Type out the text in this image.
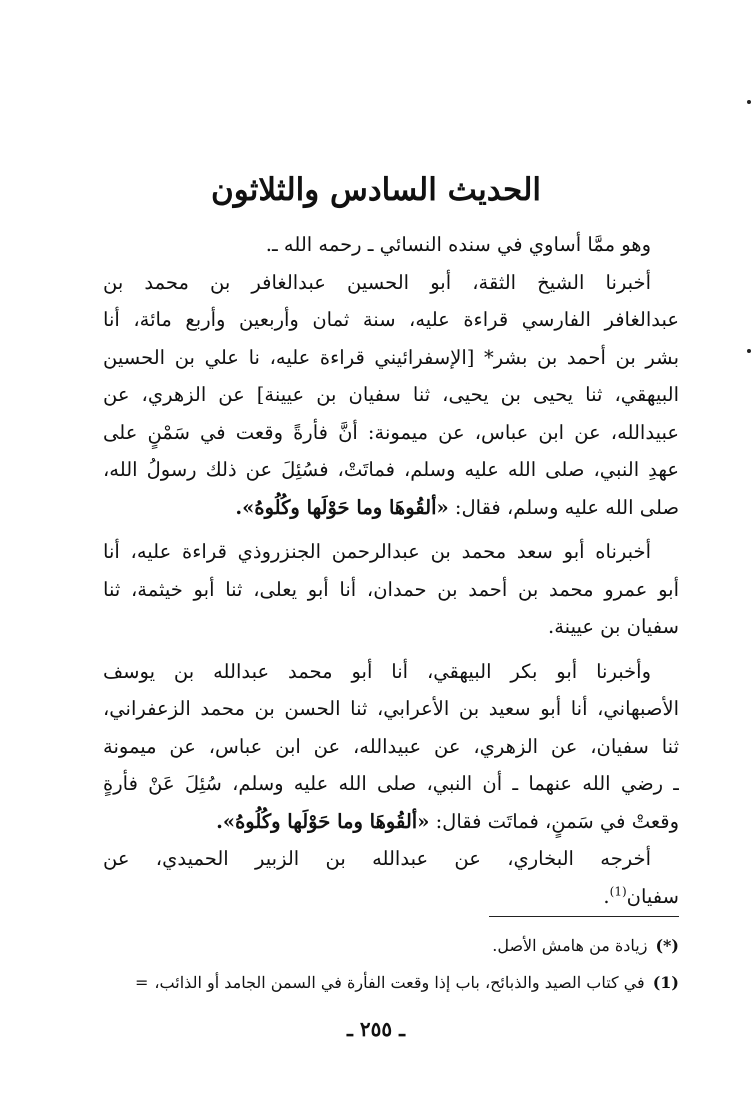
الحديث السادس والثلاثون
وهو ممَّا أساوي في سنده النسائي ـ رحمه الله ـ.
أخبرنا الشيخ الثقة، أبو الحسين عبدالغافر بن محمد بن
عبدالغافر الفارسي قراءة عليه، سنة ثمان وأربعين وأربع مائة، أنا
بشر بن أحمد بن بشر* [الإسفرائيني قراءة عليه، نا علي بن الحسين
البيهقي، ثنا يحيى بن يحيى، ثنا سفيان بن عيينة] عن الزهري، عن
عبيدالله، عن ابن عباس، عن ميمونة: أنَّ فأرةً وقعت في سَمْنٍ على
عهدِ النبي، صلى الله عليه وسلم، فماتَتْ، فسُئِلَ عن ذلك رسولُ الله،
صلى الله عليه وسلم، فقال: «ألقُوهَا وما حَوْلَها وكُلُوهُ».
أخبرناه أبو سعد محمد بن عبدالرحمن الجنزروذي قراءة عليه، أنا
أبو عمرو محمد بن أحمد بن حمدان، أنا أبو يعلى، ثنا أبو خيثمة، ثنا
سفيان بن عيينة.
وأخبرنا أبو بكر البيهقي، أنا أبو محمد عبدالله بن يوسف
الأصبهاني، أنا أبو سعيد بن الأعرابي، ثنا الحسن بن محمد الزعفراني،
ثنا سفيان، عن الزهري، عن عبيدالله، عن ابن عباس، عن ميمونة
ـ رضي الله عنهما ـ أن النبي، صلى الله عليه وسلم، سُئِلَ عَنْ فأرةٍ
وقعتْ في سَمنٍ، فماتَت فقال: «ألقُوهَا وما حَوْلَها وكُلُوهُ».
أخرجه البخاري، عن عبدالله بن الزبير الحميدي، عن
سفيان$^{(1)}$.
(*)زيادة من هامش الأصل.
(1)في كتاب الصيد والذبائح، باب إذا وقعت الفأرة في السمن الجامد أو الذائب،=
ـ ٢٥٥ ـ
